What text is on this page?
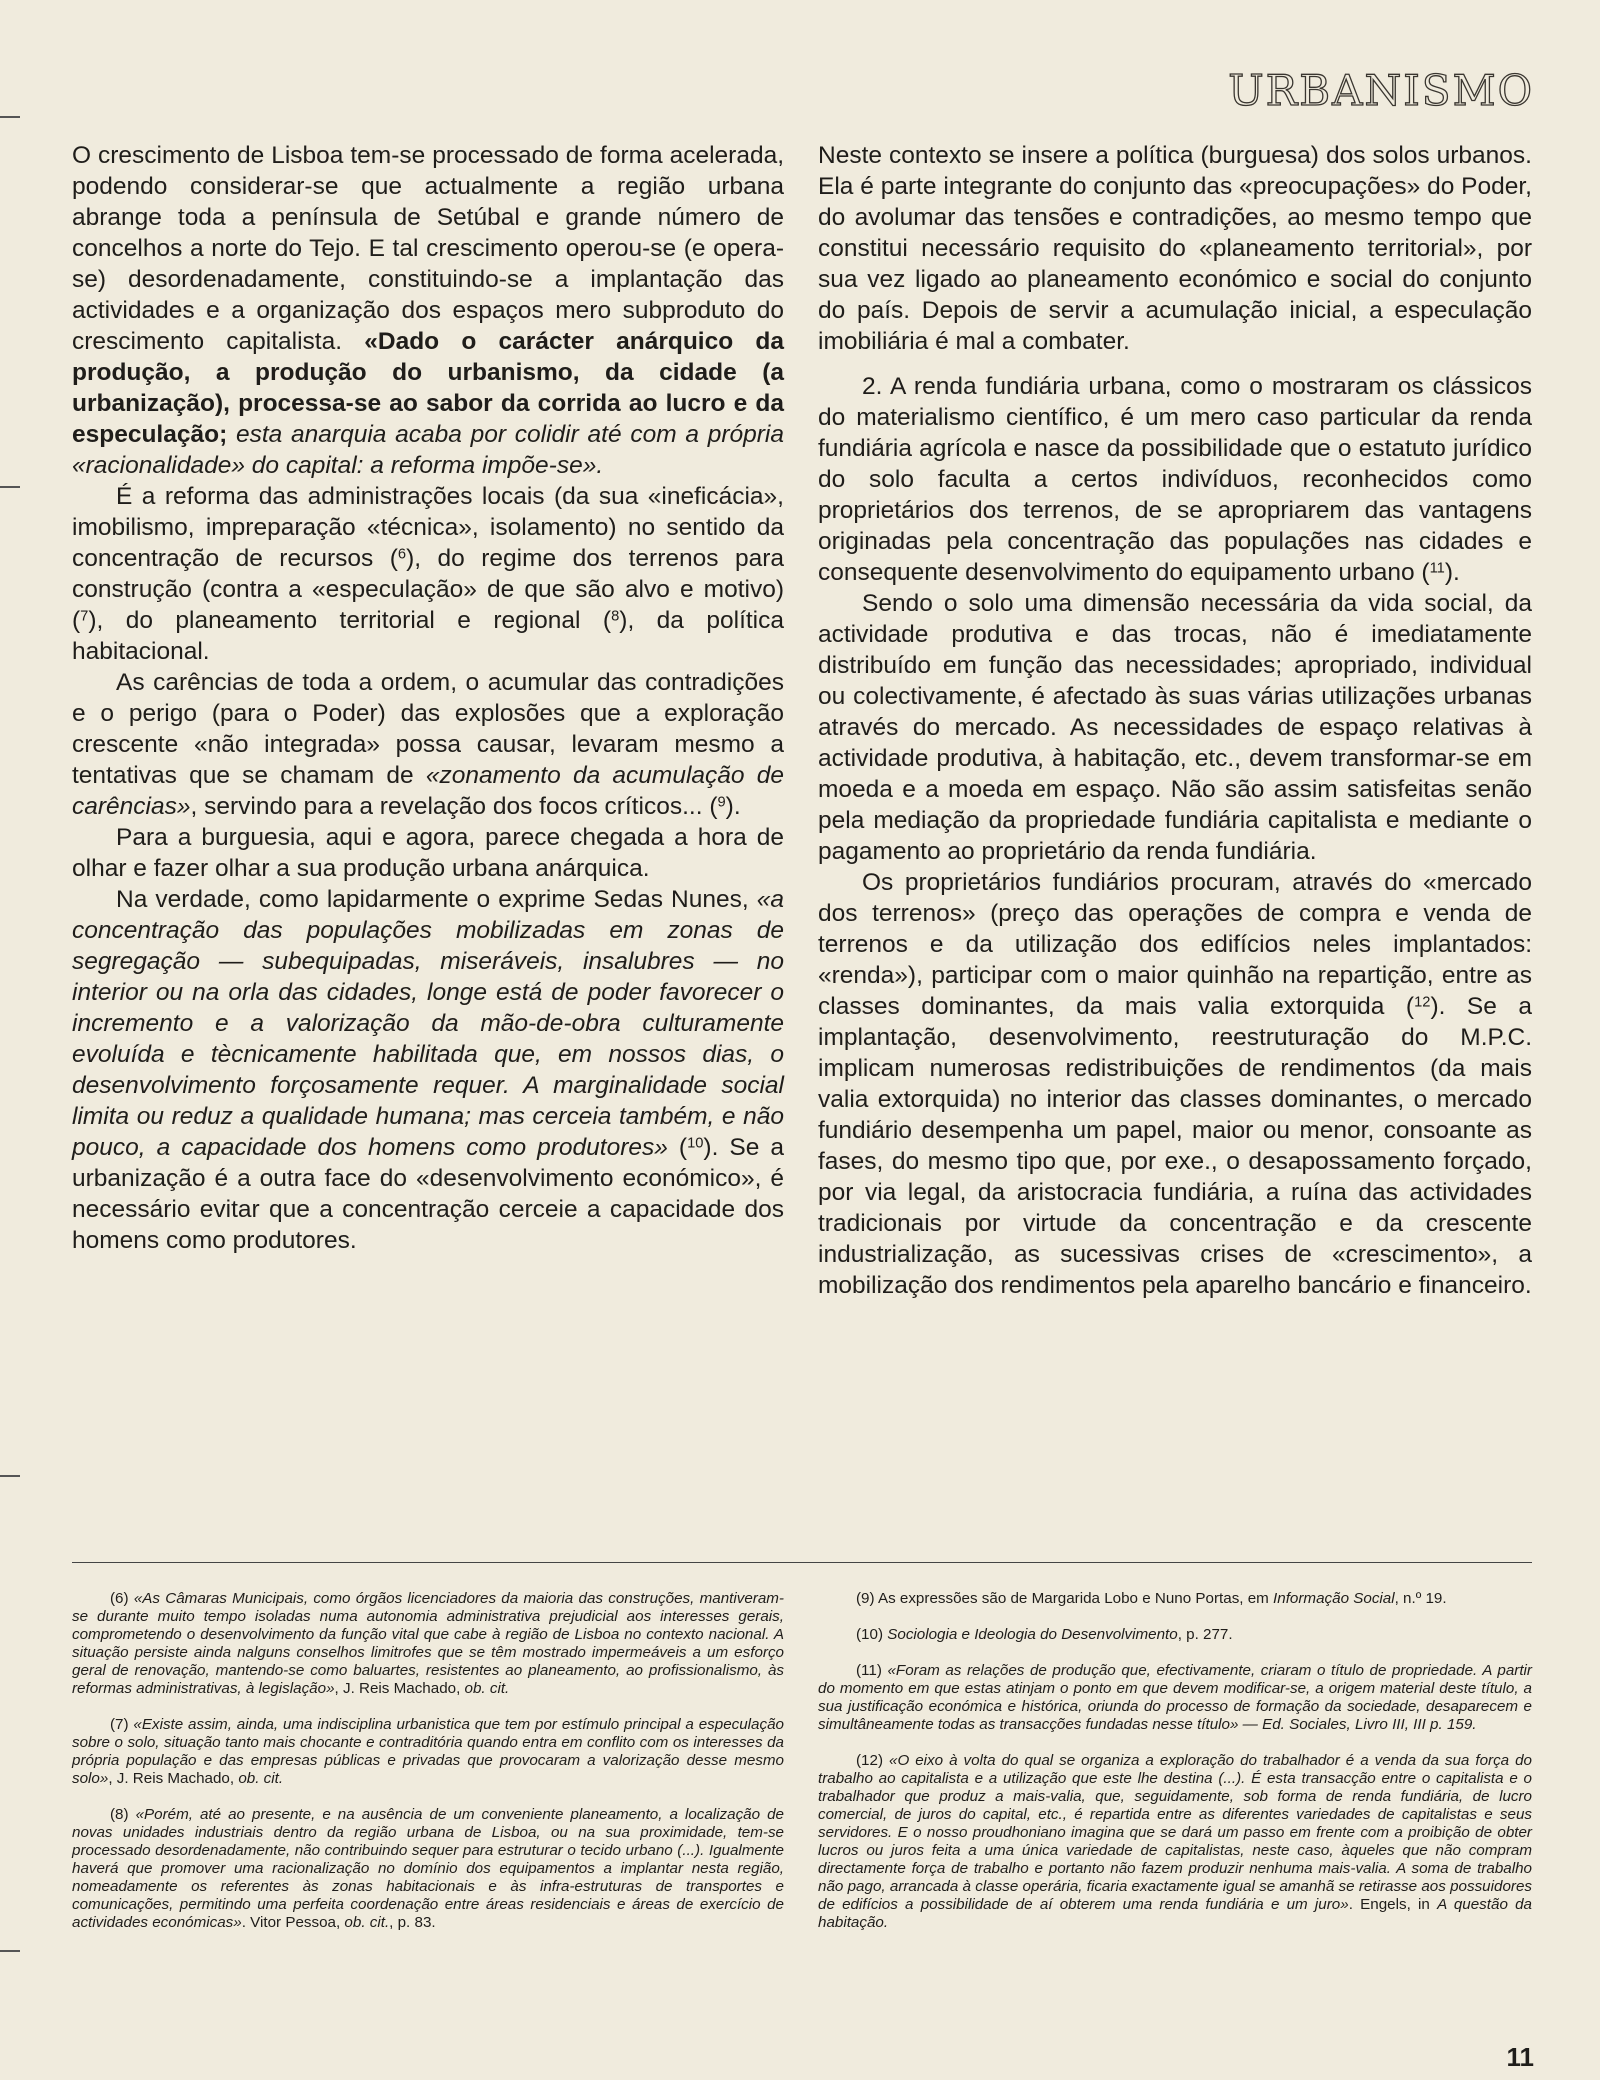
URBANISMO

O crescimento de Lisboa tem-se processado de forma acelerada, podendo considerar-se que actualmente a região urbana abrange toda a península de Setúbal e grande número de concelhos a norte do Tejo. E tal crescimento operou-se (e opera-se) desordenadamente, constituindo-se a implantação das actividades e a organização dos espaços mero subproduto do crescimento capitalista. «Dado o carácter anárquico da produção, a produção do urbanismo, da cidade (a urbanização), processa-se ao sabor da corrida ao lucro e da especulação; esta anarquia acaba por colidir até com a própria «racionalidade» do capital: a reforma impõe-se».

É a reforma das administrações locais (da sua «ineficácia», imobilismo, impreparação «técnica», isolamento) no sentido da concentração de recursos ($^6$), do regime dos terrenos para construção (contra a «especulação» de que são alvo e motivo) ($^7$), do planeamento territorial e regional ($^8$), da política habitacional.

As carências de toda a ordem, o acumular das contradições e o perigo (para o Poder) das explosões que a exploração crescente «não integrada» possa causar, levaram mesmo a tentativas que se chamam de «zonamento da acumulação de carências», servindo para a revelação dos focos críticos... ($^9$).

Para a burguesia, aqui e agora, parece chegada a hora de olhar e fazer olhar a sua produção urbana anárquica.

Na verdade, como lapidarmente o exprime Sedas Nunes, «a concentração das populações mobilizadas em zonas de segregação — subequipadas, miseráveis, insalubres — no interior ou na orla das cidades, longe está de poder favorecer o incremento e a valorização da mão-de-obra culturamente evoluída e tècnicamente habilitada que, em nossos dias, o desenvolvimento forçosamente requer. A marginalidade social limita ou reduz a qualidade humana; mas cerceia também, e não pouco, a capacidade dos homens como produtores» ($^{10}$). Se a urbanização é a outra face do «desenvolvimento económico», é necessário evitar que a concentração cerceie a capacidade dos homens como produtores.

Neste contexto se insere a política (burguesa) dos solos urbanos. Ela é parte integrante do conjunto das «preocupações» do Poder, do avolumar das tensões e contradições, ao mesmo tempo que constitui necessário requisito do «planeamento territorial», por sua vez ligado ao planeamento económico e social do conjunto do país. Depois de servir a acumulação inicial, a especulação imobiliária é mal a combater.

2. A renda fundiária urbana, como o mostraram os clássicos do materialismo científico, é um mero caso particular da renda fundiária agrícola e nasce da possibilidade que o estatuto jurídico do solo faculta a certos indivíduos, reconhecidos como proprietários dos terrenos, de se apropriarem das vantagens originadas pela concentração das populações nas cidades e consequente desenvolvimento do equipamento urbano ($^{11}$).

Sendo o solo uma dimensão necessária da vida social, da actividade produtiva e das trocas, não é imediatamente distribuído em função das necessidades; apropriado, individual ou colectivamente, é afectado às suas várias utilizações urbanas através do mercado. As necessidades de espaço relativas à actividade produtiva, à habitação, etc., devem transformar-se em moeda e a moeda em espaço. Não são assim satisfeitas senão pela mediação da propriedade fundiária capitalista e mediante o pagamento ao proprietário da renda fundiária.

Os proprietários fundiários procuram, através do «mercado dos terrenos» (preço das operações de compra e venda de terrenos e da utilização dos edifícios neles implantados: «renda»), participar com o maior quinhão na repartição, entre as classes dominantes, da mais valia extorquida ($^{12}$). Se a implantação, desenvolvimento, reestruturação do M.P.C. implicam numerosas redistribuições de rendimentos (da mais valia extorquida) no interior das classes dominantes, o mercado fundiário desempenha um papel, maior ou menor, consoante as fases, do mesmo tipo que, por exe., o desapossamento forçado, por via legal, da aristocracia fundiária, a ruína das actividades tradicionais por virtude da concentração e da crescente industrialização, as sucessivas crises de «crescimento», a mobilização dos rendimentos pela aparelho bancário e financeiro.

(6) «As Câmaras Municipais, como órgãos licenciadores da maioria das construções, mantiveram-se durante muito tempo isoladas numa autonomia administrativa prejudicial aos interesses gerais, comprometendo o desenvolvimento da função vital que cabe à região de Lisboa no contexto nacional. A situação persiste ainda nalguns conselhos limitrofes que se têm mostrado impermeáveis a um esforço geral de renovação, mantendo-se como baluartes, resistentes ao planeamento, ao profissionalismo, às reformas administrativas, à legislação», J. Reis Machado, ob. cit.

(7) «Existe assim, ainda, uma indisciplina urbanistica que tem por estímulo principal a especulação sobre o solo, situação tanto mais chocante e contraditória quando entra em conflito com os interesses da própria população e das empresas públicas e privadas que provocaram a valorização desse mesmo solo», J. Reis Machado, ob. cit.

(8) «Porém, até ao presente, e na ausência de um conveniente planeamento, a localização de novas unidades industriais dentro da região urbana de Lisboa, ou na sua proximidade, tem-se processado desordenadamente, não contribuindo sequer para estruturar o tecido urbano (...). Igualmente haverá que promover uma racionalização no domínio dos equipamentos a implantar nesta região, nomeadamente os referentes às zonas habitacionais e às infra-estruturas de transportes e comunicações, permitindo uma perfeita coordenação entre áreas residenciais e áreas de exercício de actividades económicas». Vitor Pessoa, ob. cit., p. 83.

(9) As expressões são de Margarida Lobo e Nuno Portas, em Informação Social, n.º 19.

(10) Sociologia e Ideologia do Desenvolvimento, p. 277.

(11) «Foram as relações de produção que, efectivamente, criaram o título de propriedade. A partir do momento em que estas atinjam o ponto em que devem modificar-se, a origem material deste título, a sua justificação económica e histórica, oriunda do processo de formação da sociedade, desaparecem e simultâneamente todas as transacções fundadas nesse título» — Ed. Sociales, Livro III, III p. 159.

(12) «O eixo à volta do qual se organiza a exploração do trabalhador é a venda da sua força do trabalho ao capitalista e a utilização que este lhe destina (...). É esta transacção entre o capitalista e o trabalhador que produz a mais-valia, que, seguidamente, sob forma de renda fundiária, de lucro comercial, de juros do capital, etc., é repartida entre as diferentes variedades de capitalistas e seus servidores. E o nosso proudhoniano imagina que se dará um passo em frente com a proibição de obter lucros ou juros feita a uma única variedade de capitalistas, neste caso, àqueles que não compram directamente força de trabalho e portanto não fazem produzir nenhuma mais-valia. A soma de trabalho não pago, arrancada à classe operária, ficaria exactamente igual se amanhã se retirasse aos possuidores de edifícios a possibilidade de aí obterem uma renda fundiária e um juro». Engels, in A questão da habitação.

11
